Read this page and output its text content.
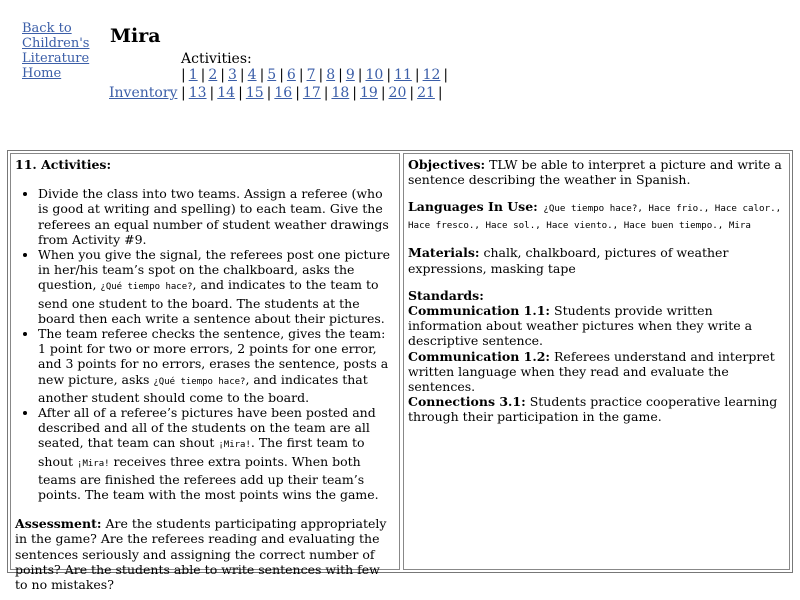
Back to Children's Literature Home
Mira
Activities:
Inventory
| 1 | 2 | 3 | 4 | 5 | 6 | 7 | 8 | 9 | 10 | 11 | 12 |
| 13 | 14 | 15 | 16 | 17 | 18 | 19 | 20 | 21 |
11. Activities:
• Divide the class into two teams. Assign a referee (who is good at writing and spelling) to each team. Give the referees an equal number of student weather drawings from Activity #9.
• When you give the signal, the referees post one picture in her/his team’s spot on the chalkboard, asks the question, ¿Qué tiempo hace?, and indicates to the team to send one student to the board. The students at the board then each write a sentence about their pictures.
• The team referee checks the sentence, gives the team: 1 point for two or more errors, 2 points for one error, and 3 points for no errors, erases the sentence, posts a new picture, asks ¿Qué tiempo hace?, and indicates that another student should come to the board.
• After all of a referee’s pictures have been posted and described and all of the students on the team are all seated, that team can shout ¡Mira!. The first team to shout ¡Mira! receives three extra points. When both teams are finished the referees add up their team’s points. The team with the most points wins the game.

Assessment: Are the students participating appropriately in the game? Are the referees reading and evaluating the sentences seriously and assigning the correct number of points? Are the students able to write sentences with few to no mistakes?

Objectives: TLW be able to interpret a picture and write a sentence describing the weather in Spanish.

Languages In Use: ¿Que tiempo hace?, Hace frio., Hace calor., Hace fresco., Hace sol., Hace viento., Hace buen tiempo., Mira

Materials: chalk, chalkboard, pictures of weather expressions, masking tape

Standards:

Communication 1.1: Students provide written information about weather pictures when they write a descriptive sentence.

Communication 1.2: Referees understand and interpret written language when they read and evaluate the sentences.

Connections 3.1: Students practice cooperative learning through their participation in the game.
